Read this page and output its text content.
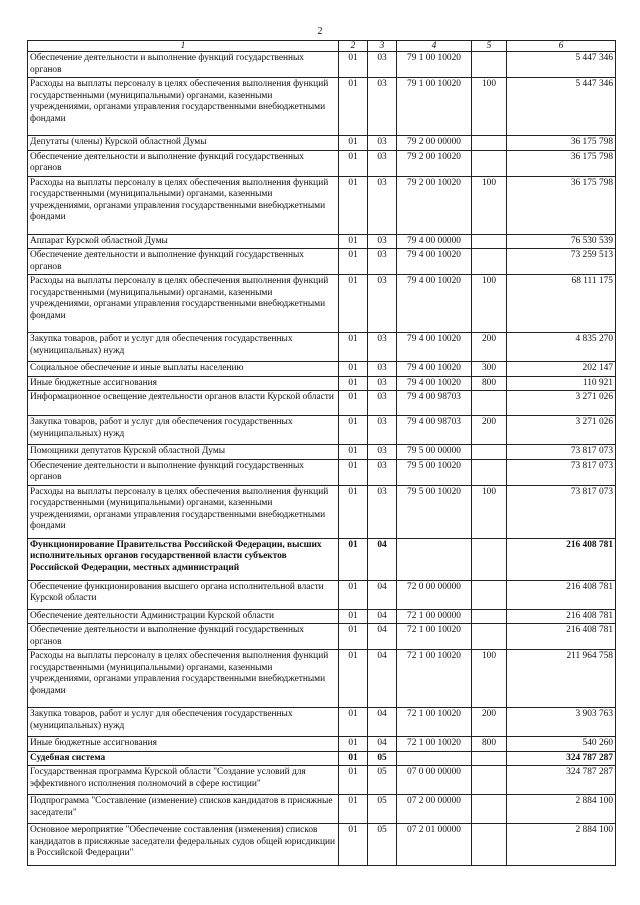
2
1	2	3	4	5	6
Обеспечение деятельности и выполнение функций государственных органов	01	03	79 1 00 10020		5 447 346
Расходы на выплаты персоналу в целях обеспечения выполнения функций государственными (муниципальными) органами, казенными учреждениями, органами управления государственными внебюджетными фондами	01	03	79 1 00 10020	100	5 447 346
Депутаты (члены) Курской областной Думы	01	03	79 2 00 00000		36 175 798
Обеспечение деятельности и выполнение функций государственных органов	01	03	79 2 00 10020		36 175 798
Расходы на выплаты персоналу в целях обеспечения выполнения функций государственными (муниципальными) органами, казенными учреждениями, органами управления государственными внебюджетными фондами	01	03	79 2 00 10020	100	36 175 798
Аппарат Курской областной Думы	01	03	79 4 00 00000		76 530 539
Обеспечение деятельности и выполнение функций государственных органов	01	03	79 4 00 10020		73 259 513
Расходы на выплаты персоналу в целях обеспечения выполнения функций государственными (муниципальными) органами, казенными учреждениями, органами управления государственными внебюджетными фондами	01	03	79 4 00 10020	100	68 111 175
Закупка товаров, работ и услуг для обеспечения государственных (муниципальных) нужд	01	03	79 4 00 10020	200	4 835 270
Социальное обеспечение и иные выплаты населению	01	03	79 4 00 10020	300	202 147
Иные бюджетные ассигнования	01	03	79 4 00 10020	800	110 921
Информационное освещение деятельности органов власти Курской области	01	03	79 4 00 98703		3 271 026
Закупка товаров, работ и услуг для обеспечения государственных (муниципальных) нужд	01	03	79 4 00 98703	200	3 271 026
Помощники депутатов Курской областной Думы	01	03	79 5 00 00000		73 817 073
Обеспечение деятельности и выполнение функций государственных органов	01	03	79 5 00 10020		73 817 073
Расходы на выплаты персоналу в целях обеспечения выполнения функций государственными (муниципальными) органами, казенными учреждениями, органами управления государственными внебюджетными фондами	01	03	79 5 00 10020	100	73 817 073
Функционирование Правительства Российской Федерации, высших исполнительных органов государственной власти субъектов Российской Федерации, местных администраций	01	04			216 408 781
Обеспечение функционирования высшего органа исполнительной власти Курской области	01	04	72 0 00 00000		216 408 781
Обеспечение деятельности Администрации Курской области	01	04	72 1 00 00000		216 408 781
Обеспечение деятельности и выполнение функций государственных органов	01	04	72 1 00 10020		216 408 781
Расходы на выплаты персоналу в целях обеспечения выполнения функций государственными (муниципальными) органами, казенными учреждениями, органами управления государственными внебюджетными фондами	01	04	72 1 00 10020	100	211 964 758
Закупка товаров, работ и услуг для обеспечения государственных (муниципальных) нужд	01	04	72 1 00 10020	200	3 903 763
Иные бюджетные ассигнования	01	04	72 1 00 10020	800	540 260
Судебная система	01	05			324 787 287
Государственная программа Курской области "Создание условий для эффективного исполнения полномочий в сфере юстиции"	01	05	07 0 00 00000		324 787 287
Подпрограмма "Составление (изменение) списков кандидатов в присяжные заседатели"	01	05	07 2 00 00000		2 884 100
Основное мероприятие "Обеспечение составления (изменения) списков кандидатов в присяжные заседатели федеральных судов общей юрисдикции в Российской Федерации"	01	05	07 2 01 00000		2 884 100
